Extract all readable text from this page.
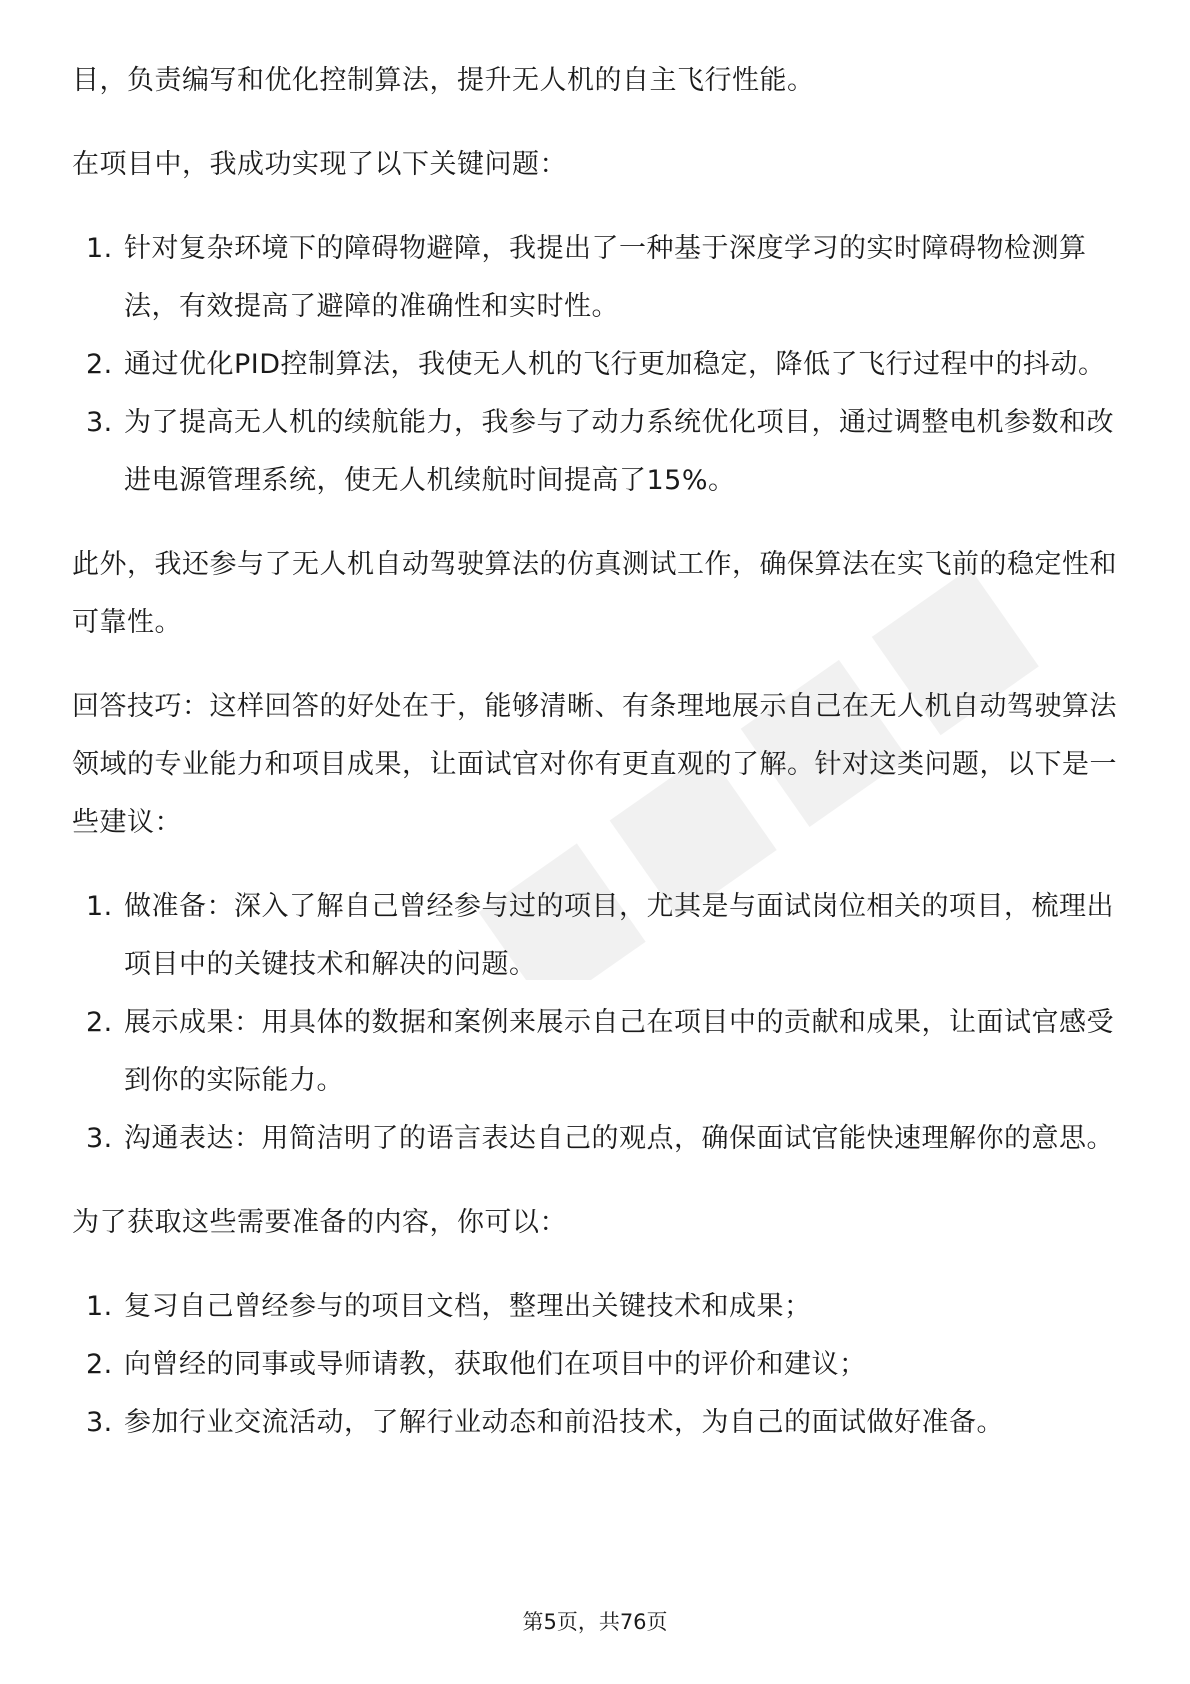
目，负责编写和优化控制算法，提升无人机的自主飞行性能。

在项目中，我成功实现了以下关键问题：

1. 针对复杂环境下的障碍物避障，我提出了一种基于深度学习的实时障碍物检测算法，有效提高了避障的准确性和实时性。
2. 通过优化PID控制算法，我使无人机的飞行更加稳定，降低了飞行过程中的抖动。
3. 为了提高无人机的续航能力，我参与了动力系统优化项目，通过调整电机参数和改进电源管理系统，使无人机续航时间提高了15%。

此外，我还参与了无人机自动驾驶算法的仿真测试工作，确保算法在实飞前的稳定性和可靠性。

回答技巧：这样回答的好处在于，能够清晰、有条理地展示自己在无人机自动驾驶算法领域的专业能力和项目成果，让面试官对你有更直观的了解。针对这类问题，以下是一些建议：

1. 做准备：深入了解自己曾经参与过的项目，尤其是与面试岗位相关的项目，梳理出项目中的关键技术和解决的问题。
2. 展示成果：用具体的数据和案例来展示自己在项目中的贡献和成果，让面试官感受到你的实际能力。
3. 沟通表达：用简洁明了的语言表达自己的观点，确保面试官能快速理解你的意思。

为了获取这些需要准备的内容，你可以：

1. 复习自己曾经参与的项目文档，整理出关键技术和成果；
2. 向曾经的同事或导师请教，获取他们在项目中的评价和建议；
3. 参加行业交流活动，了解行业动态和前沿技术，为自己的面试做好准备。
第5页，共76页
